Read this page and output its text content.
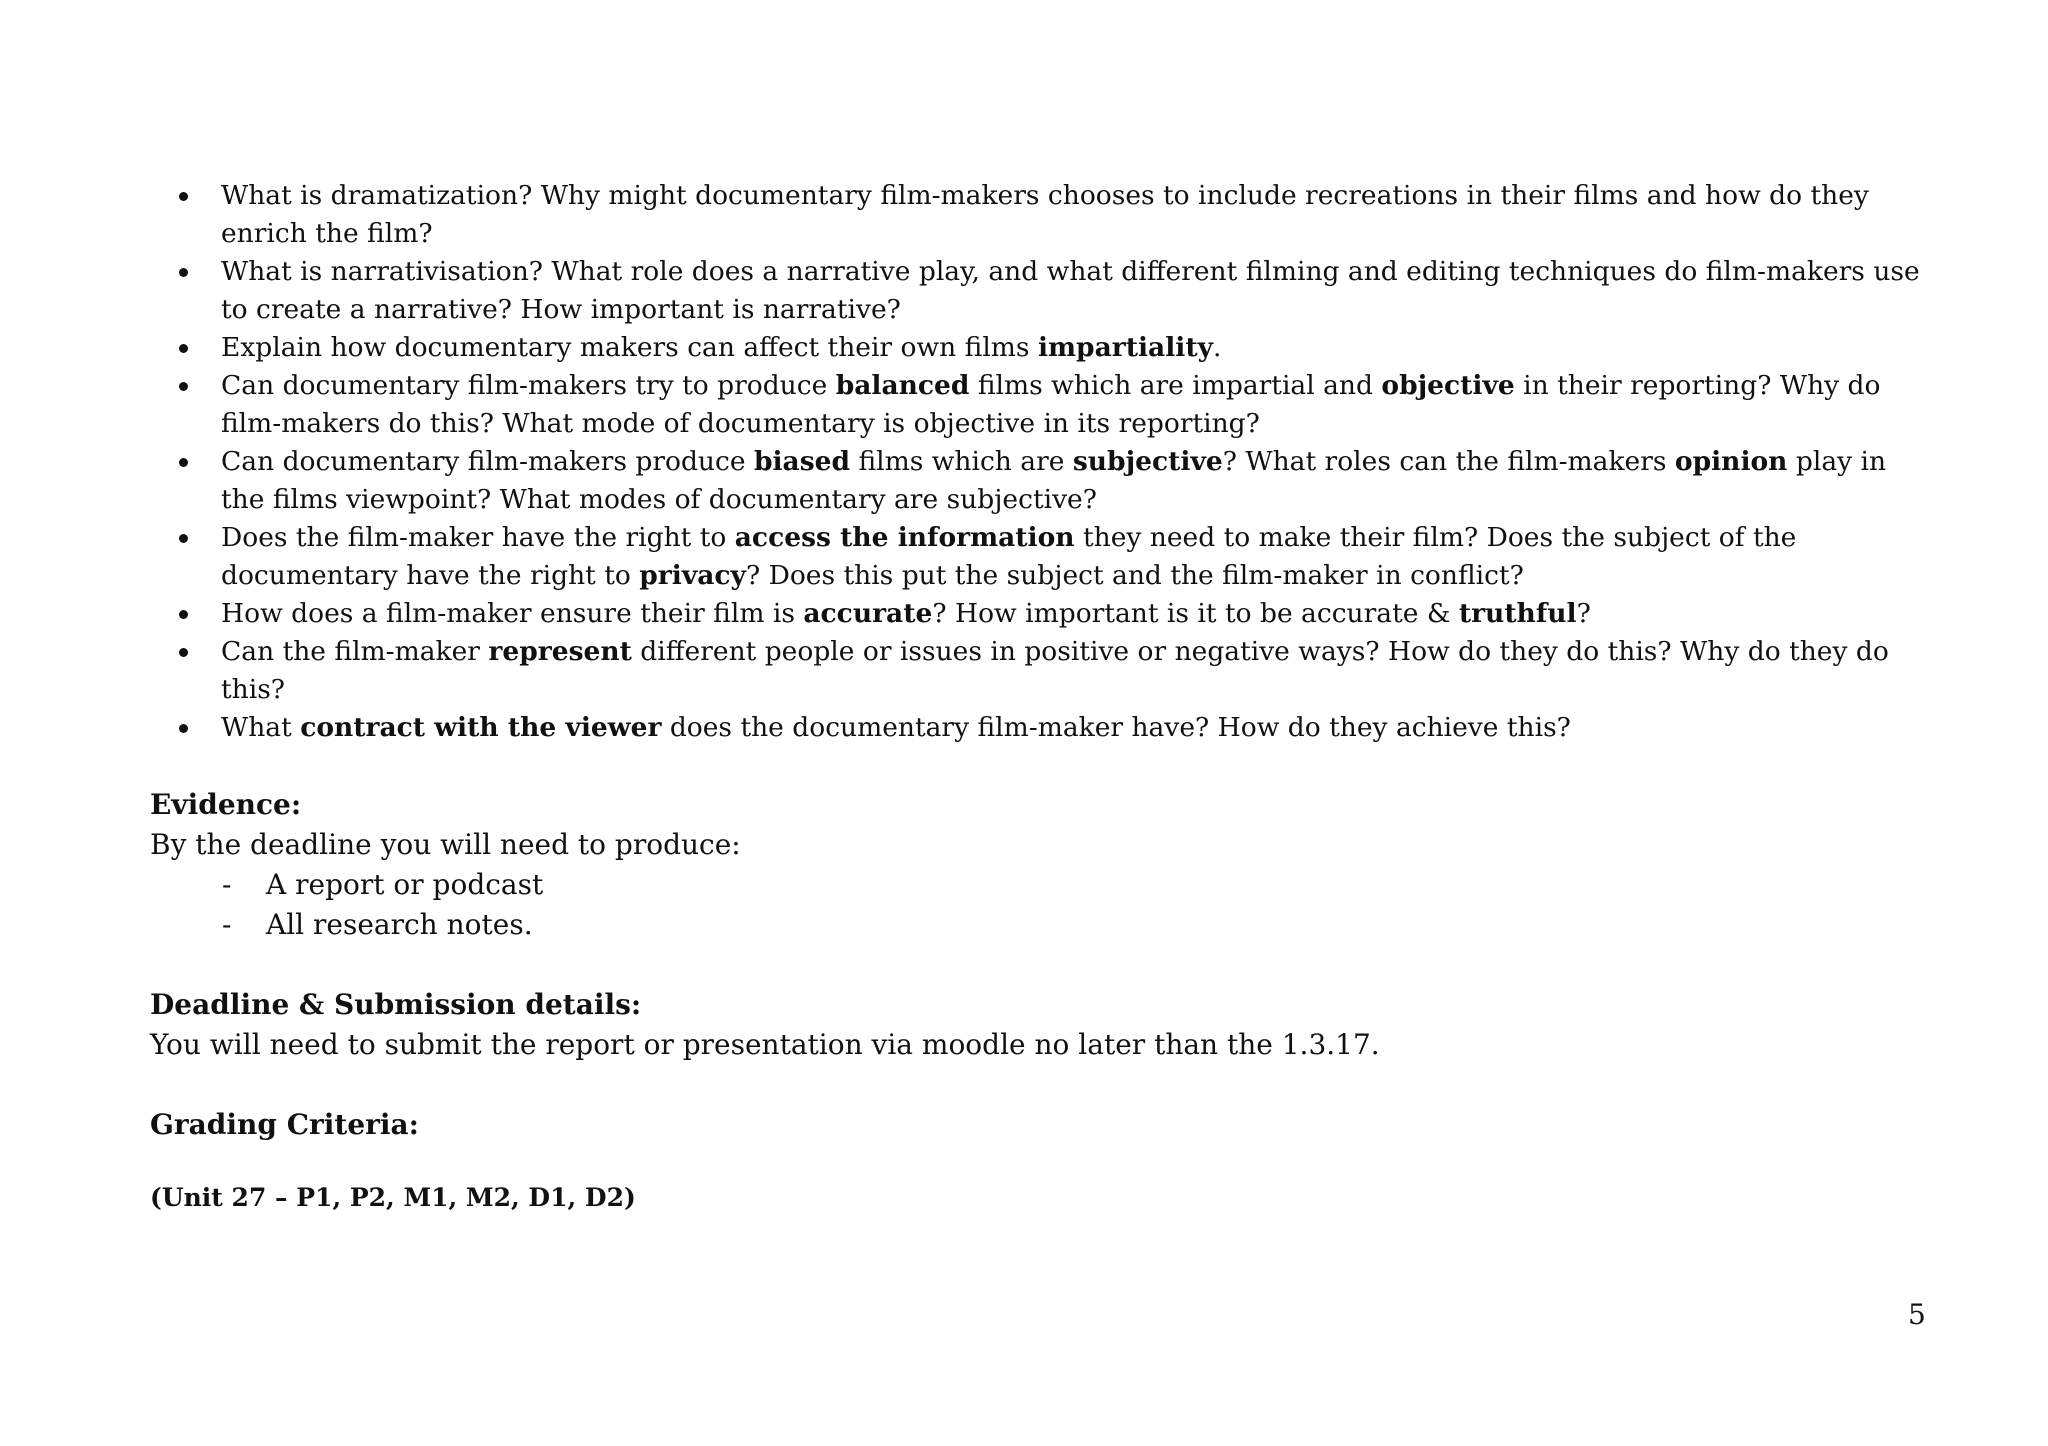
What is dramatization? Why might documentary film-makers chooses to include recreations in their films and how do they enrich the film?
What is narrativisation? What role does a narrative play, and what different filming and editing techniques do film-makers use to create a narrative? How important is narrative?
Explain how documentary makers can affect their own films impartiality.
Can documentary film-makers try to produce balanced films which are impartial and objective in their reporting? Why do film-makers do this? What mode of documentary is objective in its reporting?
Can documentary film-makers produce biased films which are subjective? What roles can the film-makers opinion play in the films viewpoint? What modes of documentary are subjective?
Does the film-maker have the right to access the information they need to make their film? Does the subject of the documentary have the right to privacy? Does this put the subject and the film-maker in conflict?
How does a film-maker ensure their film is accurate? How important is it to be accurate & truthful?
Can the film-maker represent different people or issues in positive or negative ways? How do they do this? Why do they do this?
What contract with the viewer does the documentary film-maker have? How do they achieve this?

Evidence:

By the deadline you will need to produce:

- A report or podcast
- All research notes.

Deadline & Submission details:

You will need to submit the report or presentation via moodle no later than the 1.3.17.

Grading Criteria:

(Unit 27 – P1, P2, M1, M2, D1, D2)

5
